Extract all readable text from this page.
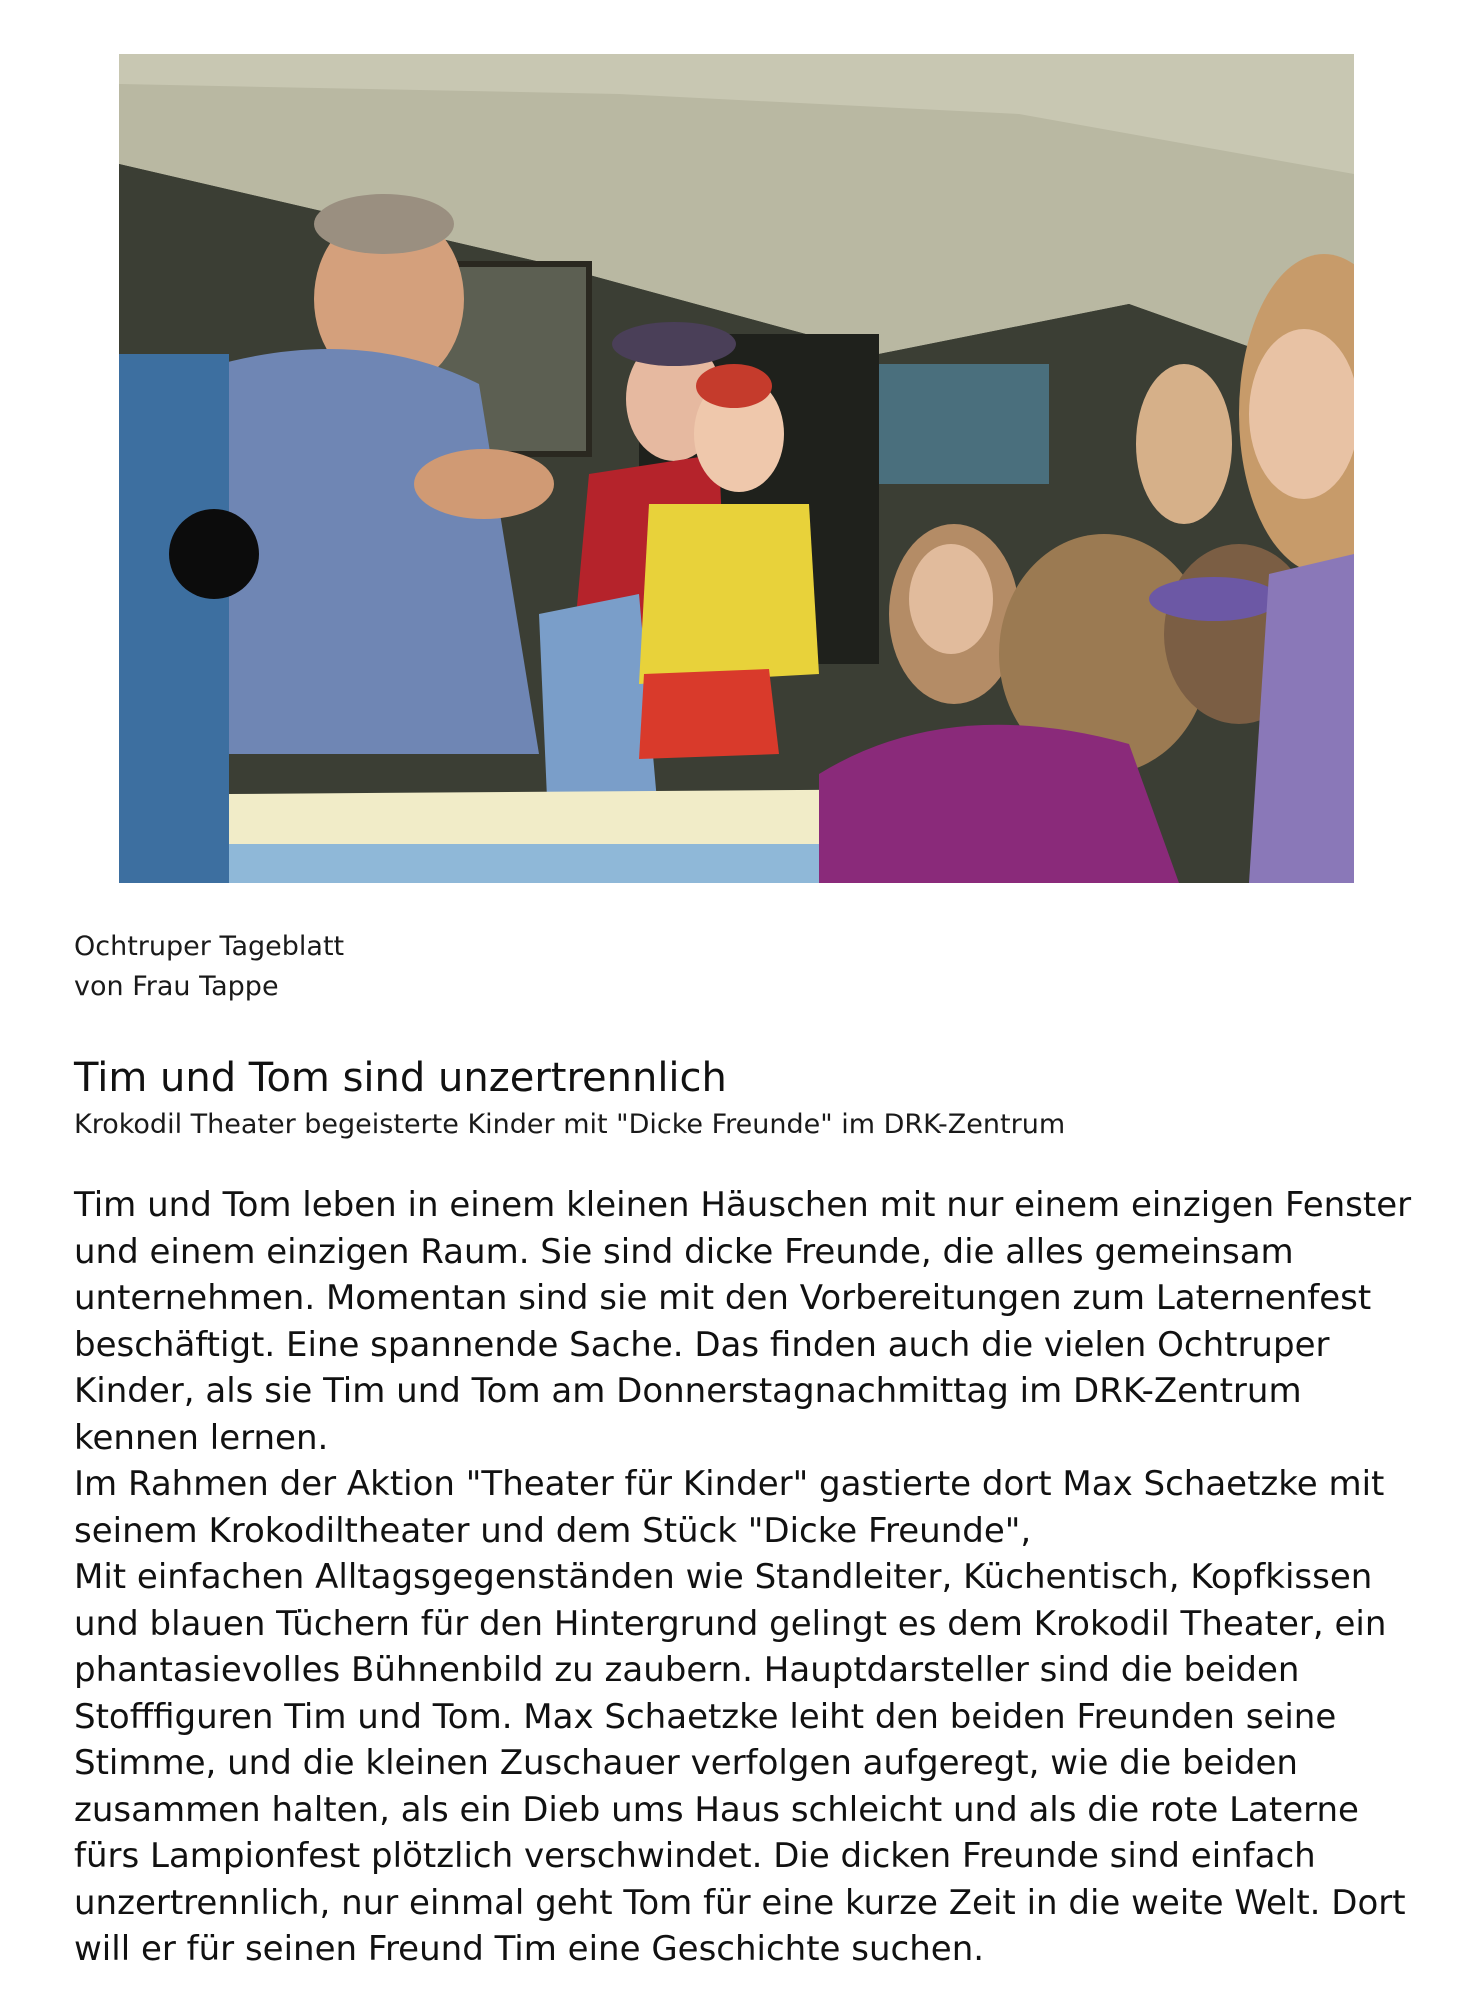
Ochtruper Tageblatt
von Frau Tappe
Tim und Tom sind unzertrennlich
Krokodil Theater begeisterte Kinder mit "Dicke Freunde" im DRK-Zentrum

Tim und Tom leben in einem kleinen Häuschen mit nur einem einzigen Fenster und einem einzigen Raum. Sie sind dicke Freunde, die alles gemeinsam unternehmen. Momentan sind sie mit den Vorbereitungen zum Laternenfest beschäftigt. Eine spannende Sache. Das finden auch die vielen Ochtruper Kinder, als sie Tim und Tom am Donnerstagnachmittag im DRK-Zentrum kennen lernen.

Im Rahmen der Aktion "Theater für Kinder" gastierte dort Max Schaetzke mit seinem Krokodiltheater und dem Stück "Dicke Freunde",

Mit einfachen Alltagsgegenständen wie Standleiter, Küchentisch, Kopfkissen und blauen Tüchern für den Hintergrund gelingt es dem Krokodil Theater, ein phantasievolles Bühnenbild zu zaubern. Hauptdarsteller sind die beiden Stofffiguren Tim und Tom. Max Schaetzke leiht den beiden Freunden seine Stimme, und die kleinen Zuschauer verfolgen aufgeregt, wie die beiden zusammen halten, als ein Dieb ums Haus schleicht und als die rote Laterne fürs Lampionfest plötzlich verschwindet. Die dicken Freunde sind einfach unzertrennlich, nur einmal geht Tom für eine kurze Zeit in die weite Welt. Dort will er für seinen Freund Tim eine Geschichte suchen.
